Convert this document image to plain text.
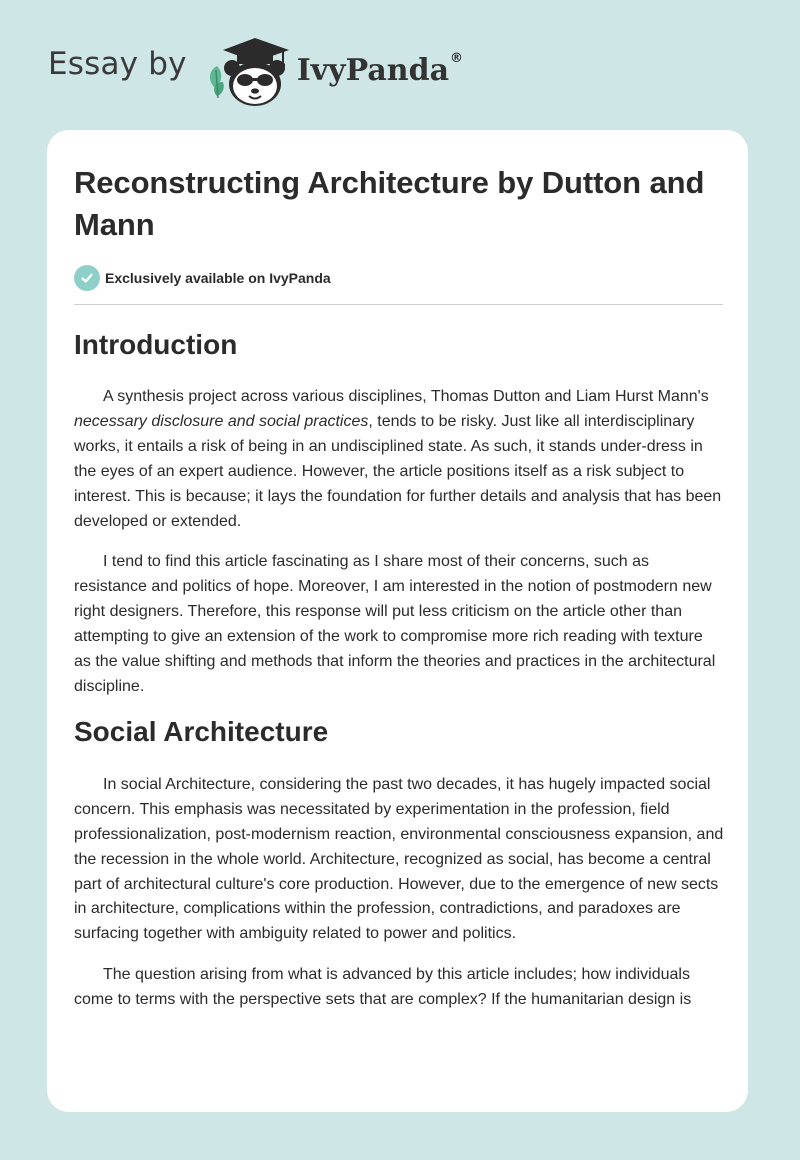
Essay by	IvyPanda ®
Reconstructing Architecture by Dutton and Mann
Exclusively available on IvyPanda
Introduction

A synthesis project across various disciplines, Thomas Dutton and Liam Hurst Mann's necessary disclosure and social practices, tends to be risky. Just like all interdisciplinary works, it entails a risk of being in an undisciplined state. As such, it stands under-dress in the eyes of an expert audience. However, the article positions itself as a risk subject to interest. This is because; it lays the foundation for further details and analysis that has been developed or extended.

I tend to find this article fascinating as I share most of their concerns, such as resistance and politics of hope. Moreover, I am interested in the notion of postmodern new right designers. Therefore, this response will put less criticism on the article other than attempting to give an extension of the work to compromise more rich reading with texture as the value shifting and methods that inform the theories and practices in the architectural discipline.

Social Architecture

In social Architecture, considering the past two decades, it has hugely impacted social concern. This emphasis was necessitated by experimentation in the profession, field professionalization, post-modernism reaction, environmental consciousness expansion, and the recession in the whole world. Architecture, recognized as social, has become a central part of architectural culture's core production. However, due to the emergence of new sects in architecture, complications within the profession, contradictions, and paradoxes are surfacing together with ambiguity related to power and politics.

The question arising from what is advanced by this article includes; how individuals come to terms with the perspective sets that are complex? If the humanitarian design is
